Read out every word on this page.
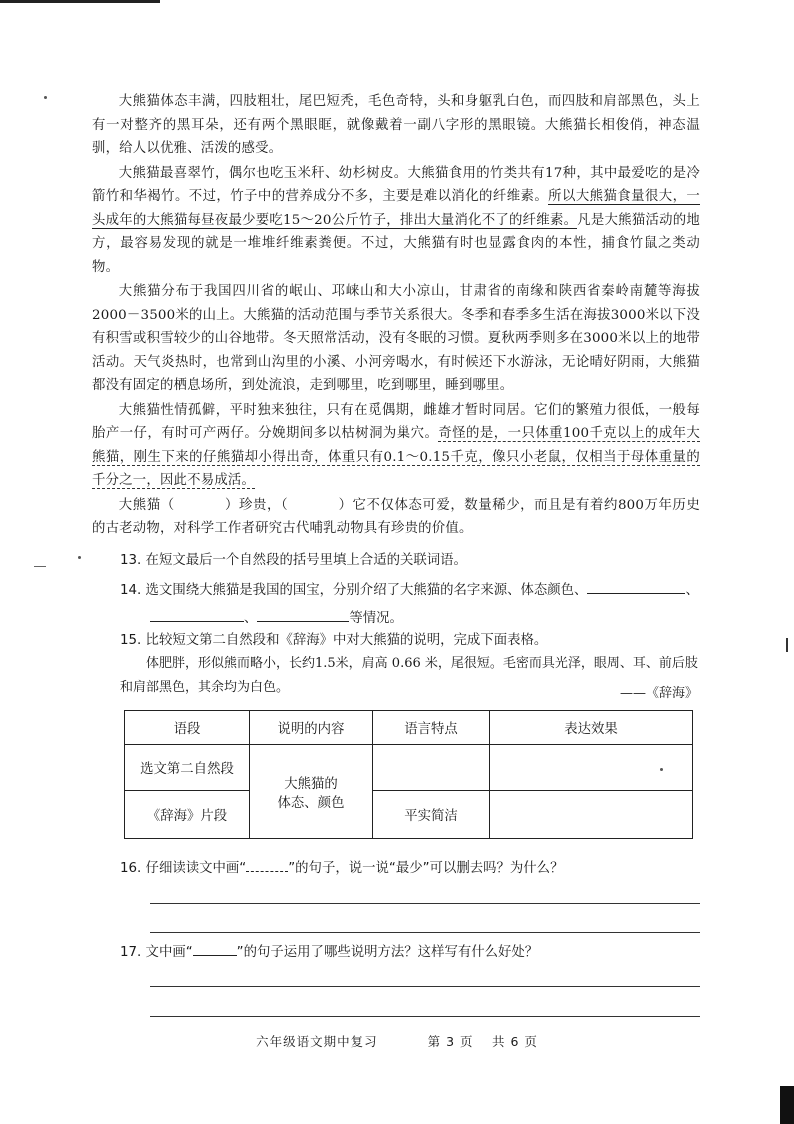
大熊猫体态丰满，四肢粗壮，尾巴短秃，毛色奇特，头和身躯乳白色，而四肢和肩部黑色，头上有一对整齐的黑耳朵，还有两个黑眼眶，就像戴着一副八字形的黑眼镜。大熊猫长相俊俏，神态温驯，给人以优雅、活泼的感受。

大熊猫最喜翠竹，偶尔也吃玉米秆、幼杉树皮。大熊猫食用的竹类共有17种，其中最爱吃的是冷箭竹和华褐竹。不过，竹子中的营养成分不多，主要是难以消化的纤维素。所以大熊猫食量很大，一头成年的大熊猫每昼夜最少要吃15～20公斤竹子，排出大量消化不了的纤维素。凡是大熊猫活动的地方，最容易发现的就是一堆堆纤维素粪便。不过，大熊猫有时也显露食肉的本性，捕食竹鼠之类动物。

大熊猫分布于我国四川省的岷山、邛崃山和大小凉山，甘肃省的南缘和陕西省秦岭南麓等海拔2000－3500米的山上。大熊猫的活动范围与季节关系很大。冬季和春季多生活在海拔3000米以下没有积雪或积雪较少的山谷地带。冬天照常活动，没有冬眠的习惯。夏秋两季则多在3000米以上的地带活动。天气炎热时，也常到山沟里的小溪、小河旁喝水，有时候还下水游泳，无论晴好阴雨，大熊猫都没有固定的栖息场所，到处流浪，走到哪里，吃到哪里，睡到哪里。

大熊猫性情孤僻，平时独来独往，只有在觅偶期，雌雄才暂时同居。它们的繁殖力很低，一般每胎产一仔，有时可产两仔。分娩期间多以枯树洞为巢穴。奇怪的是，一只体重100千克以上的成年大熊猫，刚生下来的仔熊猫却小得出奇，体重只有0.1～0.15千克，像只小老鼠，仅相当于母体重量的千分之一，因此不易成活。

大熊猫（	）珍贵，（	）它不仅体态可爱，数量稀少，而且是有着约800万年历史的古老动物，对科学工作者研究古代哺乳动物具有珍贵的价值。

13. 在短文最后一个自然段的括号里填上合适的关联词语。
14. 选文围绕大熊猫是我国的国宝，分别介绍了大熊猫的名字来源、体态颜色、	、
、	等情况。
15. 比较短文第二自然段和《辞海》中对大熊猫的说明，完成下面表格。
体肥胖，形似熊而略小，长约1.5米，肩高 0.66 米，尾很短。毛密而具光泽，眼周、耳、前后肢和肩部黑色，其余均为白色。	——《辞海》
语段	说明的内容	语言特点	表达效果
选文第二自然段	大熊猫的
体态、颜色		

《辞海》片段		平实简洁	
16. 仔细读读文中画“	”的句子，说一说“最少”可以删去吗？为什么？
17. 文中画“	”的句子运用了哪些说明方法？这样写有什么好处？
六年级语文期中复习	第 3 页　 共 6 页
